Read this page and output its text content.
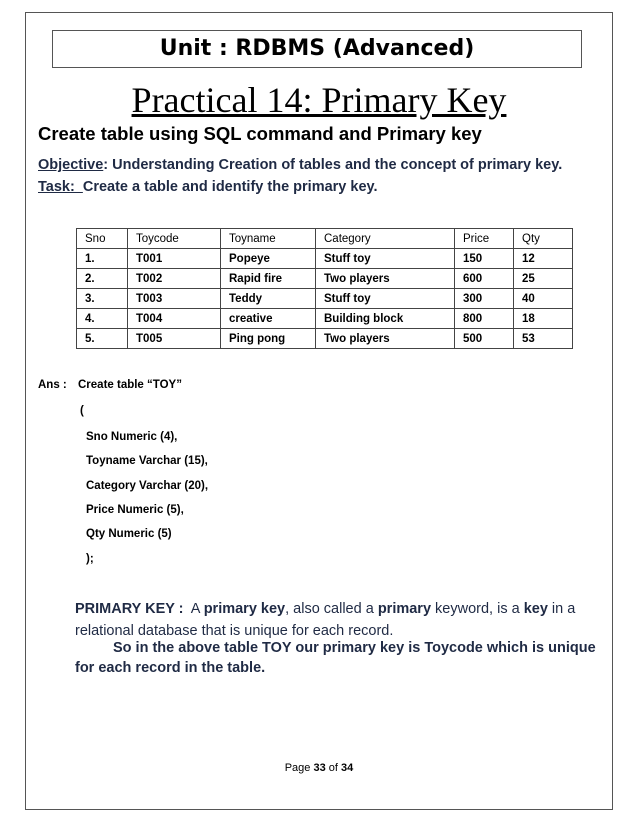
Unit : RDBMS (Advanced)
Practical 14: Primary Key
Create table using SQL command and Primary key
Objective: Understanding Creation of tables and the concept of primary key.
Task:  Create a table and identify the primary key.
Sno	Toycode	Toyname	Category	Price	Qty
1.	T001	Popeye	Stuff toy	150	12
2.	T002	Rapid fire	Two players	600	25
3.	T003	Teddy	Stuff toy	300	40
4.	T004	creative	Building block	800	18
5.	T005	Ping pong	Two players	500	53
Ans : Create table “TOY”
(
Sno Numeric (4),
Toyname Varchar (15),
Category Varchar (20),
Price Numeric (5),
Qty Numeric (5)
);
PRIMARY KEY :  A primary key, also called a primary keyword, is a key in a relational database that is unique for each record.
So in the above table TOY our primary key is Toycode which is unique for each record in the table.
Page 33 of 34
